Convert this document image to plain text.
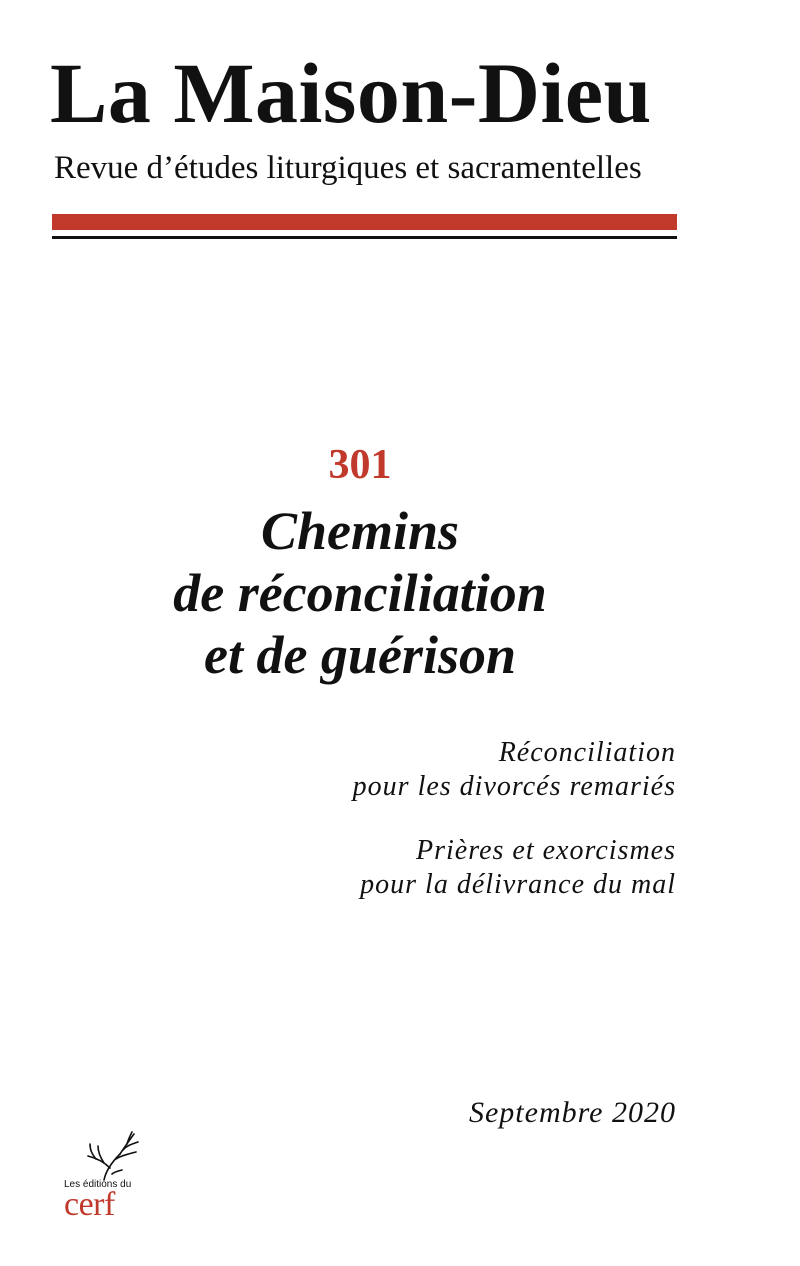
La Maison-Dieu
Revue d’études liturgiques et sacramentelles
301
Chemins
de réconciliation
et de guérison
Réconciliation
pour les divorcés remariés
Prières et exorcismes
pour la délivrance du mal
Septembre 2020
Les éditions du
cerf
